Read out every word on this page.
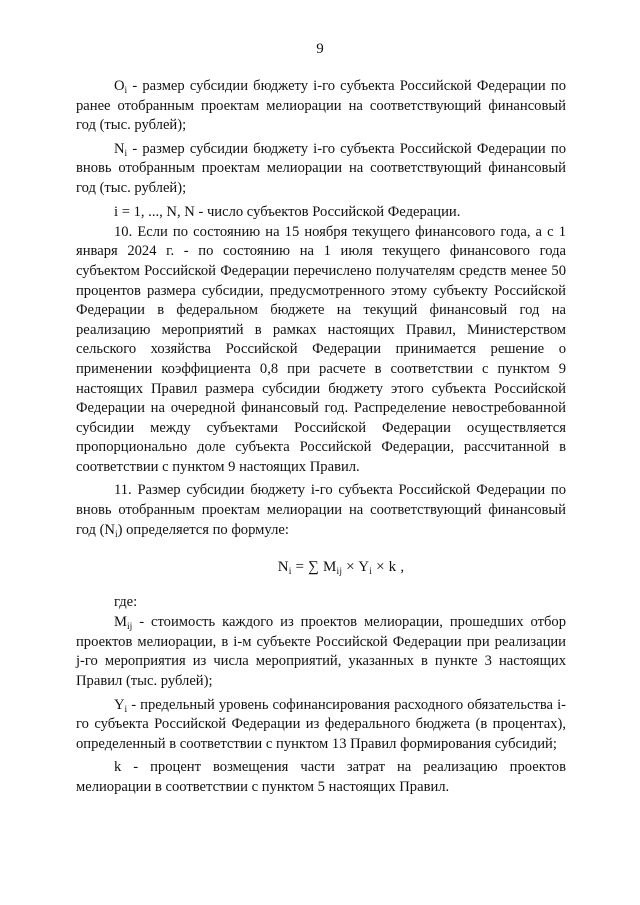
9

$O_i$ - размер субсидии бюджету i-го субъекта Российской Федерации по ранее отобранным проектам мелиорации на соответствующий финансовый год (тыс. рублей);

$N_i$ - размер субсидии бюджету i-го субъекта Российской Федерации по вновь отобранным проектам мелиорации на соответствующий финансовый год (тыс. рублей);

i = 1, ..., N, N - число субъектов Российской Федерации.

10. Если по состоянию на 15 ноября текущего финансового года, а с 1 января 2024 г. - по состоянию на 1 июля текущего финансового года субъектом Российской Федерации перечислено получателям средств менее 50 процентов размера субсидии, предусмотренного этому субъекту Российской Федерации в федеральном бюджете на текущий финансовый год на реализацию мероприятий в рамках настоящих Правил, Министерством сельского хозяйства Российской Федерации принимается решение о применении коэффициента 0,8 при расчете в соответствии с пунктом 9 настоящих Правил размера субсидии бюджету этого субъекта Российской Федерации на очередной финансовый год. Распределение невостребованной субсидии между субъектами Российской Федерации осуществляется пропорционально доле субъекта Российской Федерации, рассчитанной в соответствии с пунктом 9 настоящих Правил.

11. Размер субсидии бюджету i-го субъекта Российской Федерации по вновь отобранным проектам мелиорации на соответствующий финансовый год $(N_i)$ определяется по формуле:

$N_i$ = ∑ $M_{ij} \times Y_i \times k$ ,
где:

$M_{ij}$ - стоимость каждого из проектов мелиорации, прошедших отбор проектов мелиорации, в i-м субъекте Российской Федерации при реализации j-го мероприятия из числа мероприятий, указанных в пункте 3 настоящих Правил (тыс. рублей);

$Y_i$ - предельный уровень софинансирования расходного обязательства i-го субъекта Российской Федерации из федерального бюджета (в процентах), определенный в соответствии с пунктом 13 Правил формирования субсидий;

k - процент возмещения части затрат на реализацию проектов мелиорации в соответствии с пунктом 5 настоящих Правил.
